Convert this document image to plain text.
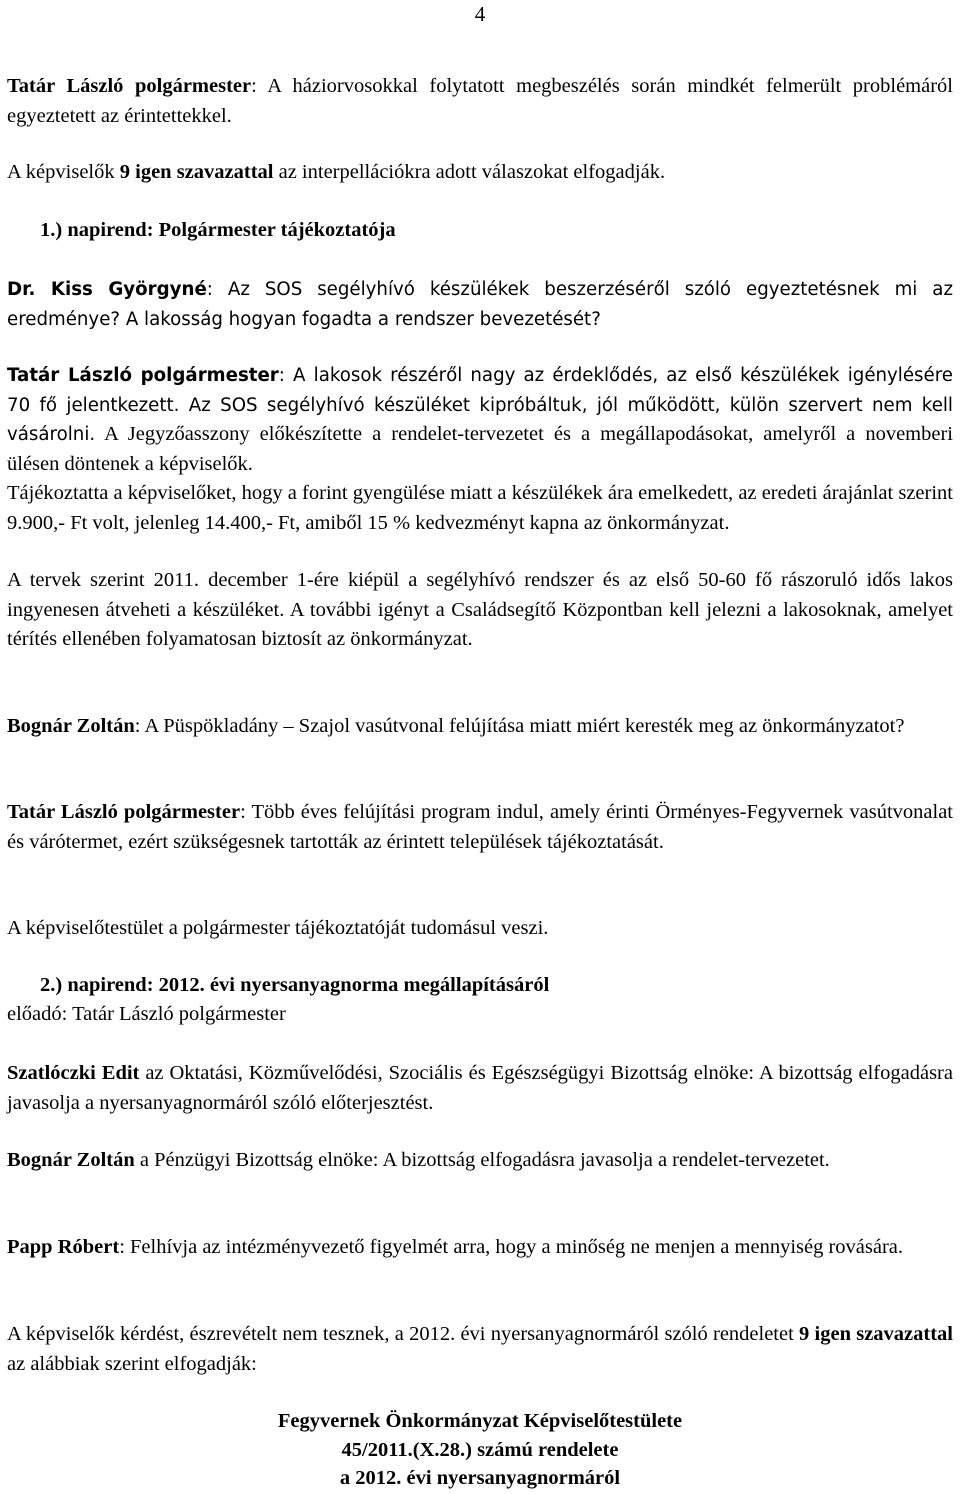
4

Tatár László polgármester: A háziorvosokkal folytatott megbeszélés során mindkét felmerült problémáról egyeztetett az érintettekkel.

A képviselők 9 igen szavazattal az interpellációkra adott válaszokat elfogadják.

1.) napirend: Polgármester tájékoztatója

Dr. Kiss Györgyné: Az SOS segélyhívó készülékek beszerzéséről szóló egyeztetésnek mi az eredménye? A lakosság hogyan fogadta a rendszer bevezetését?

Tatár László polgármester: A lakosok részéről nagy az érdeklődés, az első készülékek igénylésére 70 fő jelentkezett. Az SOS segélyhívó készüléket kipróbáltuk, jól működött, külön szervert nem kell vásárolni. A Jegyzőasszony előkészítette a rendelet-tervezetet és a megállapodásokat, amelyről a novemberi ülésen döntenek a képviselők.

Tájékoztatta a képviselőket, hogy a forint gyengülése miatt a készülékek ára emelkedett, az eredeti árajánlat szerint 9.900,- Ft volt, jelenleg 14.400,- Ft, amiből 15 % kedvezményt kapna az önkormányzat.

A tervek szerint 2011. december 1-ére kiépül a segélyhívó rendszer és az első 50-60 fő rászoruló idős lakos ingyenesen átveheti a készüléket. A további igényt a Családsegítő Központban kell jelezni a lakosoknak, amelyet térítés ellenében folyamatosan biztosít az önkormányzat.

Bognár Zoltán: A Püspökladány – Szajol vasútvonal felújítása miatt miért keresték meg az önkormányzatot?

Tatár László polgármester: Több éves felújítási program indul, amely érinti Örményes-Fegyvernek vasútvonalat és várótermet, ezért szükségesnek tartották az érintett települések tájékoztatását.

A képviselőtestület a polgármester tájékoztatóját tudomásul veszi.

2.) napirend: 2012. évi nyersanyagnorma megállapításáról

előadó: Tatár László polgármester

Szatlóczki Edit az Oktatási, Közművelődési, Szociális és Egészségügyi Bizottság elnöke: A bizottság elfogadásra javasolja a nyersanyagnormáról szóló előterjesztést.

Bognár Zoltán a Pénzügyi Bizottság elnöke: A bizottság elfogadásra javasolja a rendelet-tervezetet.

Papp Róbert: Felhívja az intézményvezető figyelmét arra, hogy a minőség ne menjen a mennyiség rovására.

A képviselők kérdést, észrevételt nem tesznek, a 2012. évi nyersanyagnormáról szóló rendeletet 9 igen szavazattal az alábbiak szerint elfogadják:

Fegyvernek Önkormányzat Képviselőtestülete

45/2011.(X.28.) számú rendelete

a 2012. évi nyersanyagnormáról
